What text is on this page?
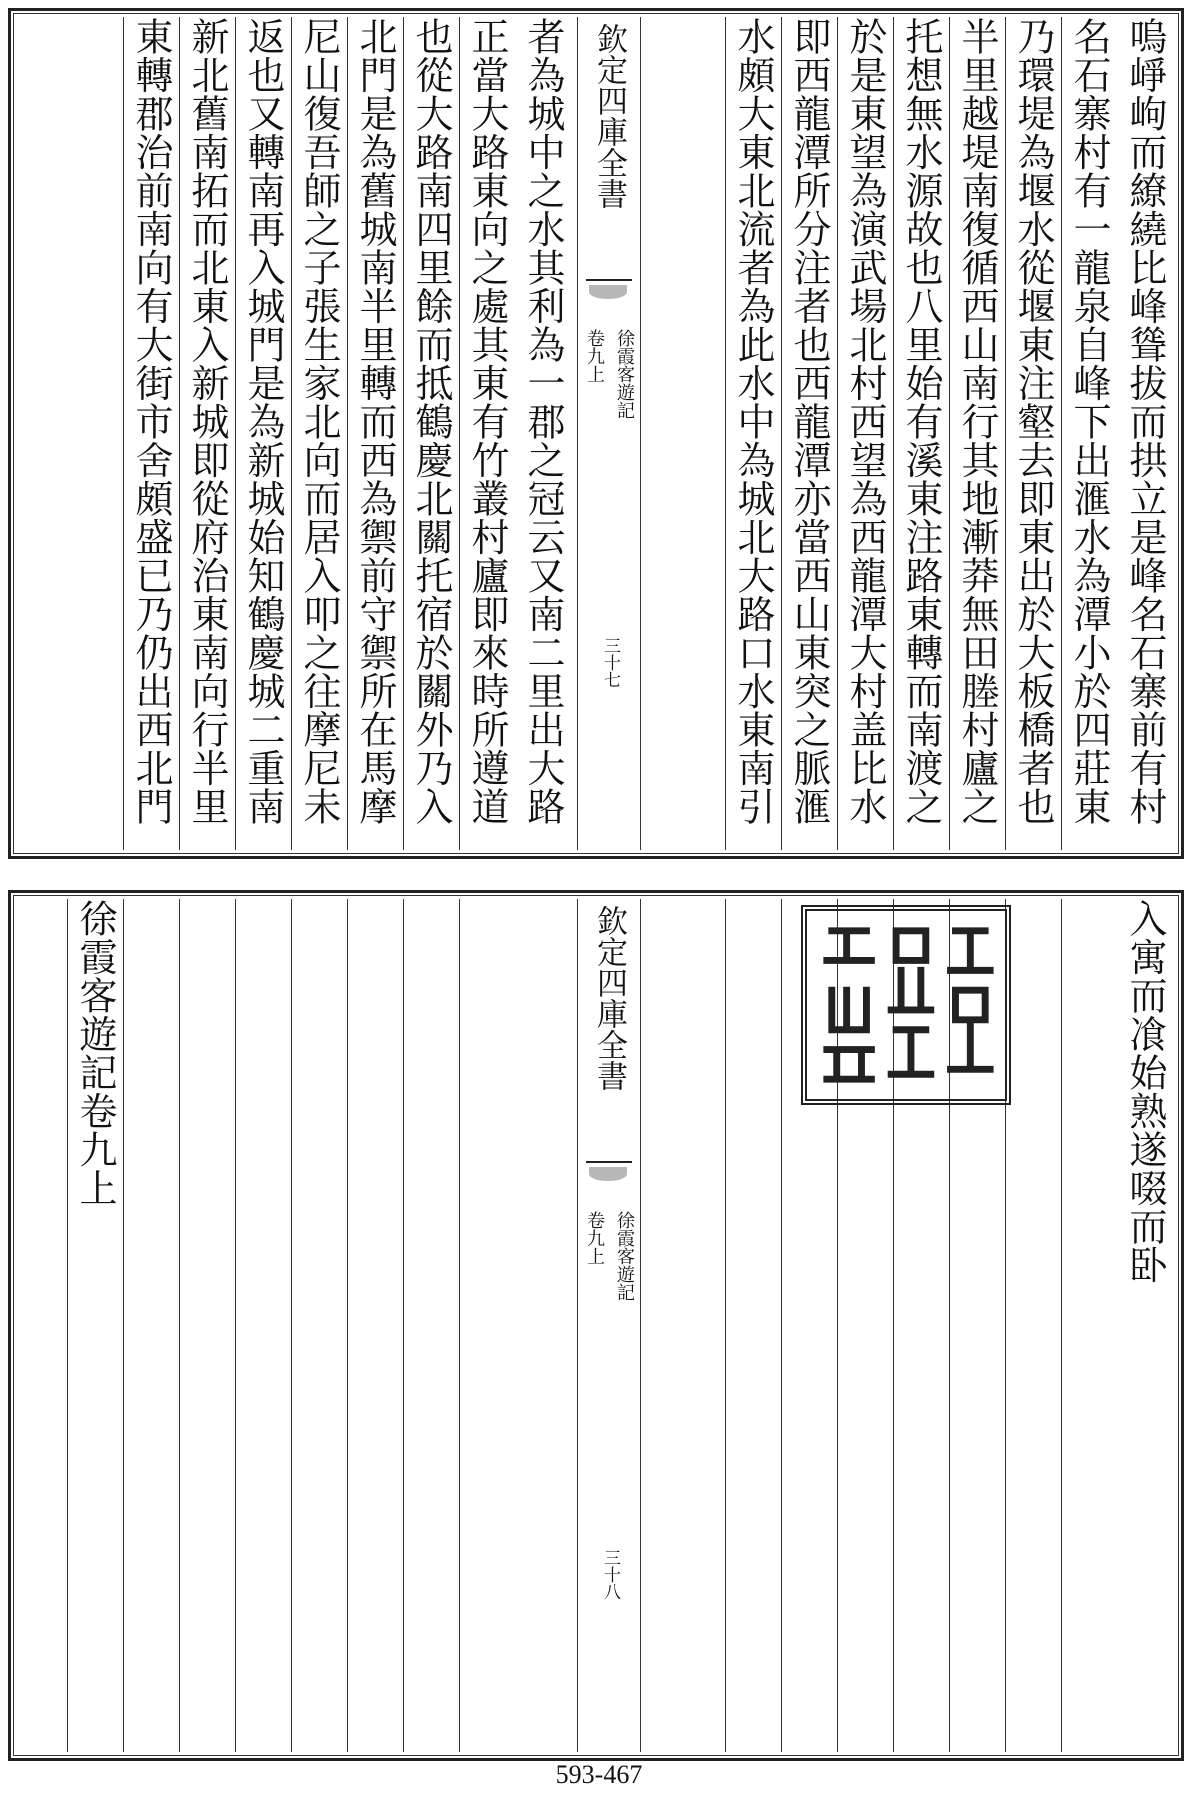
嗚崢岣而繚繞比峰聳拔而拱立是峰名石寨前有村
名石寨村有一龍泉自峰下出滙水為潭小於四莊東
乃環堤為堰水從堰東注壑去即東出於大板橋者也
半里越堤南復循西山南行其地漸莽無田塍村廬之
托想無水源故也八里始有溪東注路東轉而南渡之
於是東望為演武場北村西望為西龍潭大村盖比水
即西龍潭所分注者也西龍潭亦當西山東突之脈滙
水頗大東北流者為此水中為城北大路口水東南引
欽定四庫全書
徐霞客遊記
卷九上
三十七
者為城中之水其利為一郡之冠云又南二里出大路
正當大路東向之處其東有竹叢村廬即來時所遵道
也從大路南四里餘而抵鶴慶北關托宿於關外乃入
北門是為舊城南半里轉而西為禦前守禦所在馬摩
尼山復吾師之子張生家北向而居入叩之往摩尼未
返也又轉南再入城門是為新城始知鶴慶城二重南
新北舊南拓而北東入新城即從府治東南向行半里
東轉郡治前南向有大街市舍頗盛已乃仍出西北門
入寓而飡始熟遂啜而卧
欽定四庫全書
徐霞客遊記
卷九上
三十八
徐霞客遊記卷九上
593-467
